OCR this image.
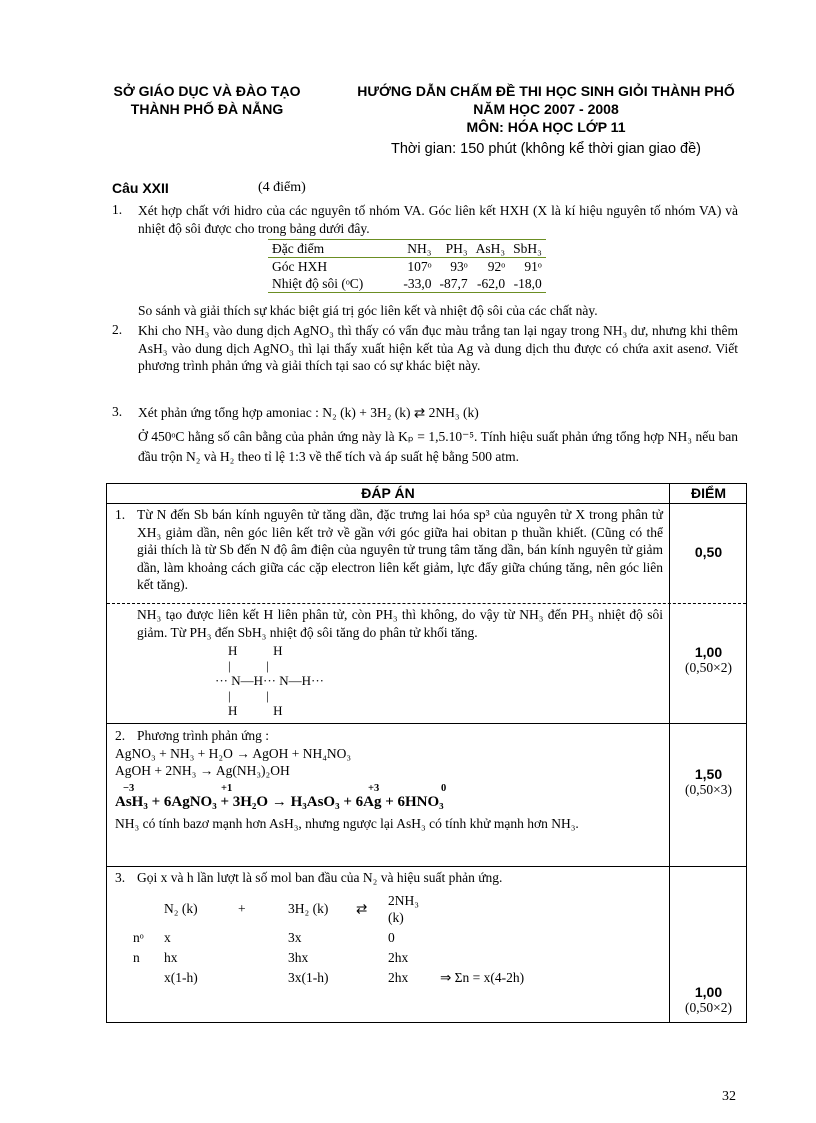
SỞ GIÁO DỤC VÀ ĐÀO TẠO
THÀNH PHỐ ĐÀ NẴNG
HƯỚNG DẪN CHẤM ĐỀ THI HỌC SINH GIỎI THÀNH PHỐ
NĂM HỌC 2007 - 2008
MÔN: HÓA HỌC LỚP 11
Thời gian: 150 phút (không kể thời gian giao đề)
Câu XXII	(4 điểm)
1. Xét hợp chất với hidro của các nguyên tố nhóm VA. Góc liên kết HXH (X là kí hiệu nguyên tố nhóm VA) và nhiệt độ sôi được cho trong bảng dưới đây.
Đặc điểm	NH₃	PH₃	AsH₃	SbH₃
Góc HXH	107ᵒ	93ᵒ	92ᵒ	91ᵒ
Nhiệt độ sôi (ᵒC)	-33,0	-87,7	-62,0	-18,0
So sánh và giải thích sự khác biệt giá trị góc liên kết và nhiệt độ sôi của các chất này.
2. Khi cho NH₃ vào dung dịch AgNO₃ thì thấy có vẩn đục màu trắng tan lại ngay trong NH₃ dư, nhưng khi thêm AsH₃ vào dung dịch AgNO₃ thì lại thấy xuất hiện kết tủa Ag và dung dịch thu được có chứa axit asenơ. Viết phương trình phản ứng và giải thích tại sao có sự khác biệt này.
3. Xét phản ứng tổng hợp amoniac : N₂ (k) + 3H₂ (k) ⇄ 2NH₃ (k)
Ở 450ᵒC hằng số cân bằng của phản ứng này là Kₚ = 1,5.10⁻⁵. Tính hiệu suất phản ứng tổng hợp NH₃ nếu ban đầu trộn N₂ và H₂ theo tỉ lệ 1:3 về thể tích và áp suất hệ bằng 500 atm.
ĐÁP ÁN	ĐIỂM
1. Từ N đến Sb bán kính nguyên tử tăng dần, đặc trưng lai hóa sp³ của nguyên tử X trong phân tử XH₃ giảm dần, nên góc liên kết trở về gần với góc giữa hai obitan p thuần khiết. (Cũng có thể giải thích là từ Sb đến N độ âm điện của nguyên tử trung tâm tăng dần, bán kính nguyên tử giảm dần, làm khoảng cách giữa các cặp electron liên kết giảm, lực đẩy giữa chúng tăng, nên góc liên kết tăng).
0,50
NH₃ tạo được liên kết H liên phân tử, còn PH₃ thì không, do vậy từ NH₃ đến PH₃ nhiệt độ sôi giảm. Từ PH₃ đến SbH₃ nhiệt độ sôi tăng do phân tử khối tăng.
H           H
|           |
··· N—H··· N—H···
|           |
H           H
1,00
(0,50×2)
2. Phương trình phản ứng :
AgNO₃ + NH₃ + H₂O → AgOH + NH₄NO₃
AgOH + 2NH₃ → Ag(NH₃)₂OH
−3	+1	+3	0
AsH₃ + 6AgNO₃ + 3H₂O → H₃AsO₃ + 6Ag + 6HNO₃
NH₃ có tính bazơ mạnh hơn AsH₃, nhưng ngược lại AsH₃ có tính khử mạnh hơn NH₃.
1,50
(0,50×3)
3. Gọi x và h lần lượt là số mol ban đầu của N₂ và hiệu suất phản ứng.
	N₂ (k)	+	3H₂ (k)	⇄	2NH₃ (k)	
nᵒ	x		3x		0	
n	hx		3hx		2hx	
	x(1-h)		3x(1-h)		2hx	⇒ Σn = x(4-2h)
1,00
(0,50×2)
32
